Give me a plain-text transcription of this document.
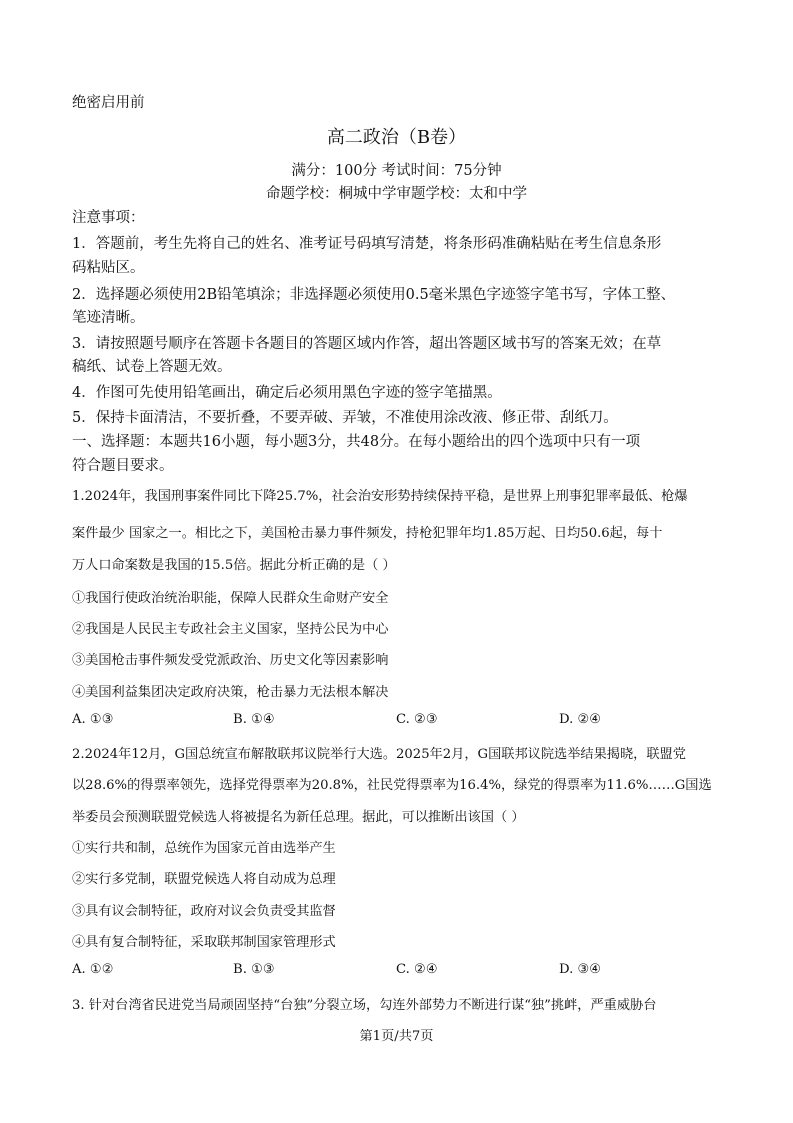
绝密启用前
高二政治（B卷）
满分：100分 考试时间：75分钟
命题学校：桐城中学审题学校：太和中学
注意事项：
1．答题前，考生先将自己的姓名、准考证号码填写清楚，将条形码准确粘贴在考生信息条形
码粘贴区。
2．选择题必须使用2B铅笔填涂；非选择题必须使用0.5毫米黑色字迹签字笔书写，字体工整、
笔迹清晰。
3．请按照题号顺序在答题卡各题目的答题区域内作答，超出答题区域书写的答案无效；在草
稿纸、试卷上答题无效。
4．作图可先使用铅笔画出，确定后必须用黑色字迹的签字笔描黑。
5．保持卡面清洁，不要折叠，不要弄破、弄皱，不准使用涂改液、修正带、刮纸刀。
一、选择题：本题共16小题，每小题3分，共48分。在每小题给出的四个选项中只有一项
符合题目要求。
1.2024年，我国刑事案件同比下降25.7%，社会治安形势持续保持平稳，是世界上刑事犯罪率最低、枪爆
案件最少 国家之一。相比之下，美国枪击暴力事件频发，持枪犯罪年均1.85万起、日均50.6起，每十
万人口命案数是我国的15.5倍。据此分析正确的是（ ）
①我国行使政治统治职能，保障人民群众生命财产安全
②我国是人民民主专政社会主义国家，坚持公民为中心
③美国枪击事件频发受党派政治、历史文化等因素影响
④美国利益集团决定政府决策，枪击暴力无法根本解决
A. ①③	B. ①④	C. ②③	D. ②④
2.2024年12月，G国总统宣布解散联邦议院举行大选。2025年2月，G国联邦议院选举结果揭晓，联盟党
以28.6%的得票率领先，选择党得票率为20.8%，社民党得票率为16.4%，绿党的得票率为11.6%……G国选
举委员会预测联盟党候选人将被提名为新任总理。据此，可以推断出该国（ ）
①实行共和制，总统作为国家元首由选举产生
②实行多党制，联盟党候选人将自动成为总理
③具有议会制特征，政府对议会负责受其监督
④具有复合制特征，采取联邦制国家管理形式
A. ①②	B. ①③	C. ②④	D. ③④
3. 针对台湾省民进党当局顽固坚持“台独”分裂立场，勾连外部势力不断进行谋“独”挑衅，严重威胁台
第1页/共7页
